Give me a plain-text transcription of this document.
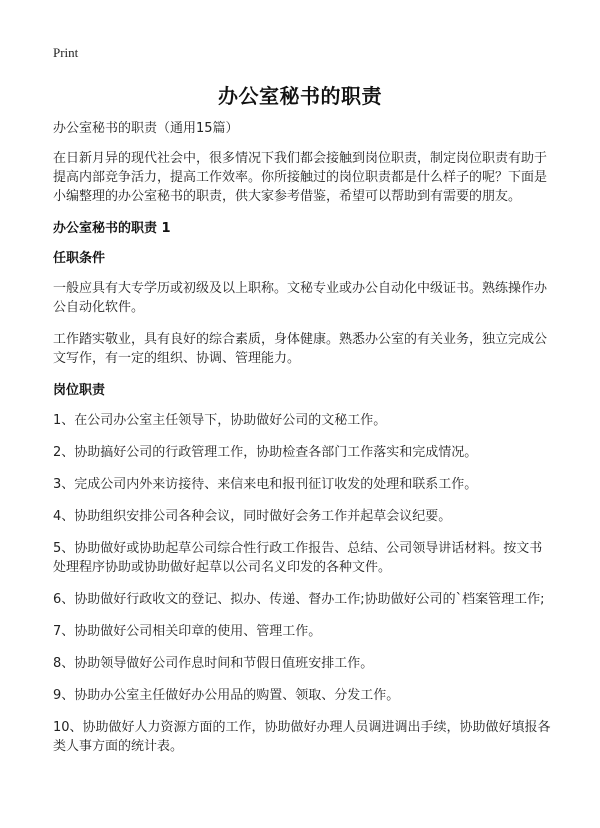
Print
办公室秘书的职责

办公室秘书的职责（通用15篇）

在日新月异的现代社会中，很多情况下我们都会接触到岗位职责，制定岗位职责有助于提高内部竞争活力，提高工作效率。你所接触过的岗位职责都是什么样子的呢？下面是小编整理的办公室秘书的职责，供大家参考借鉴，希望可以帮助到有需要的朋友。

办公室秘书的职责 1

任职条件

一般应具有大专学历或初级及以上职称。文秘专业或办公自动化中级证书。熟练操作办公自动化软件。

工作踏实敬业，具有良好的综合素质，身体健康。熟悉办公室的有关业务，独立完成公文写作，有一定的组织、协调、管理能力。

岗位职责

1、在公司办公室主任领导下，协助做好公司的文秘工作。

2、协助搞好公司的行政管理工作，协助检查各部门工作落实和完成情况。

3、完成公司内外来访接待、来信来电和报刊征订收发的处理和联系工作。

4、协助组织安排公司各种会议，同时做好会务工作并起草会议纪要。

5、协助做好或协助起草公司综合性行政工作报告、总结、公司领导讲话材料。按文书处理程序协助或协助做好起草以公司名义印发的各种文件。

6、协助做好行政收文的登记、拟办、传递、督办工作;协助做好公司的`档案管理工作;

7、协助做好公司相关印章的使用、管理工作。

8、协助领导做好公司作息时间和节假日值班安排工作。

9、协助办公室主任做好办公用品的购置、领取、分发工作。

10、协助做好人力资源方面的工作，协助做好办理人员调进调出手续，协助做好填报各类人事方面的统计表。
